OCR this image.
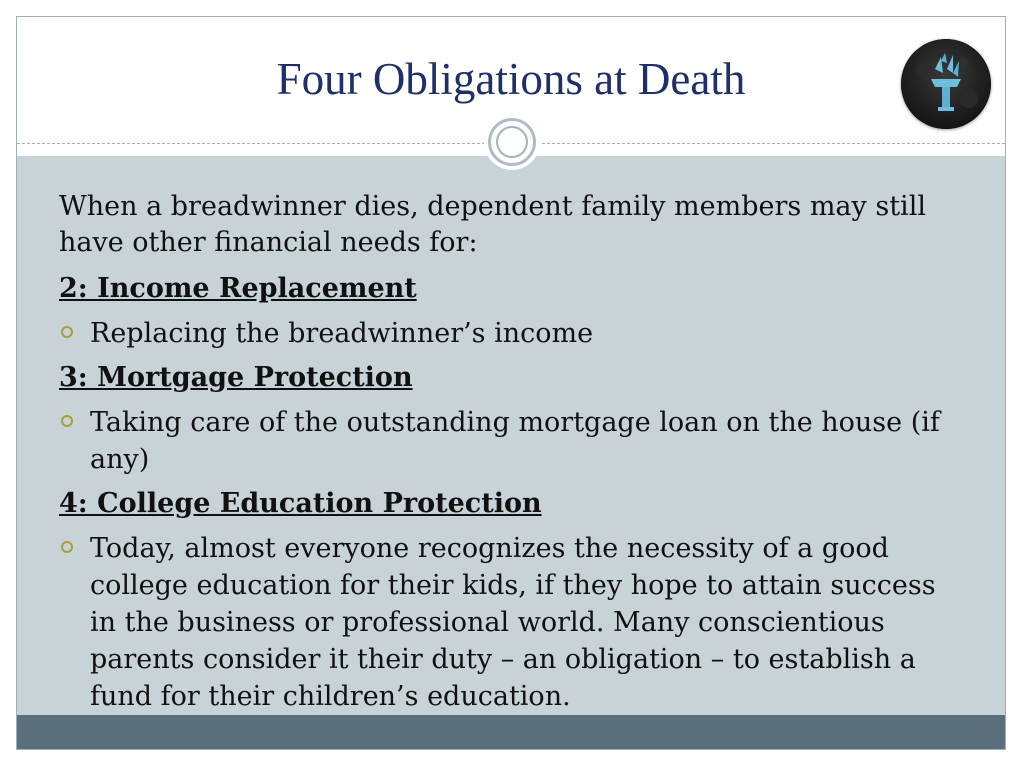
Four Obligations at Death

When a breadwinner dies, dependent family members may still have other financial needs for:

2: Income Replacement

Replacing the breadwinner’s income

3: Mortgage Protection

Taking care of the outstanding mortgage loan on the house (if any)

4: College Education Protection

Today, almost everyone recognizes the necessity of a good college education for their kids, if they hope to attain success in the business or professional world. Many conscientious parents consider it their duty – an obligation – to establish a fund for their children’s education.
